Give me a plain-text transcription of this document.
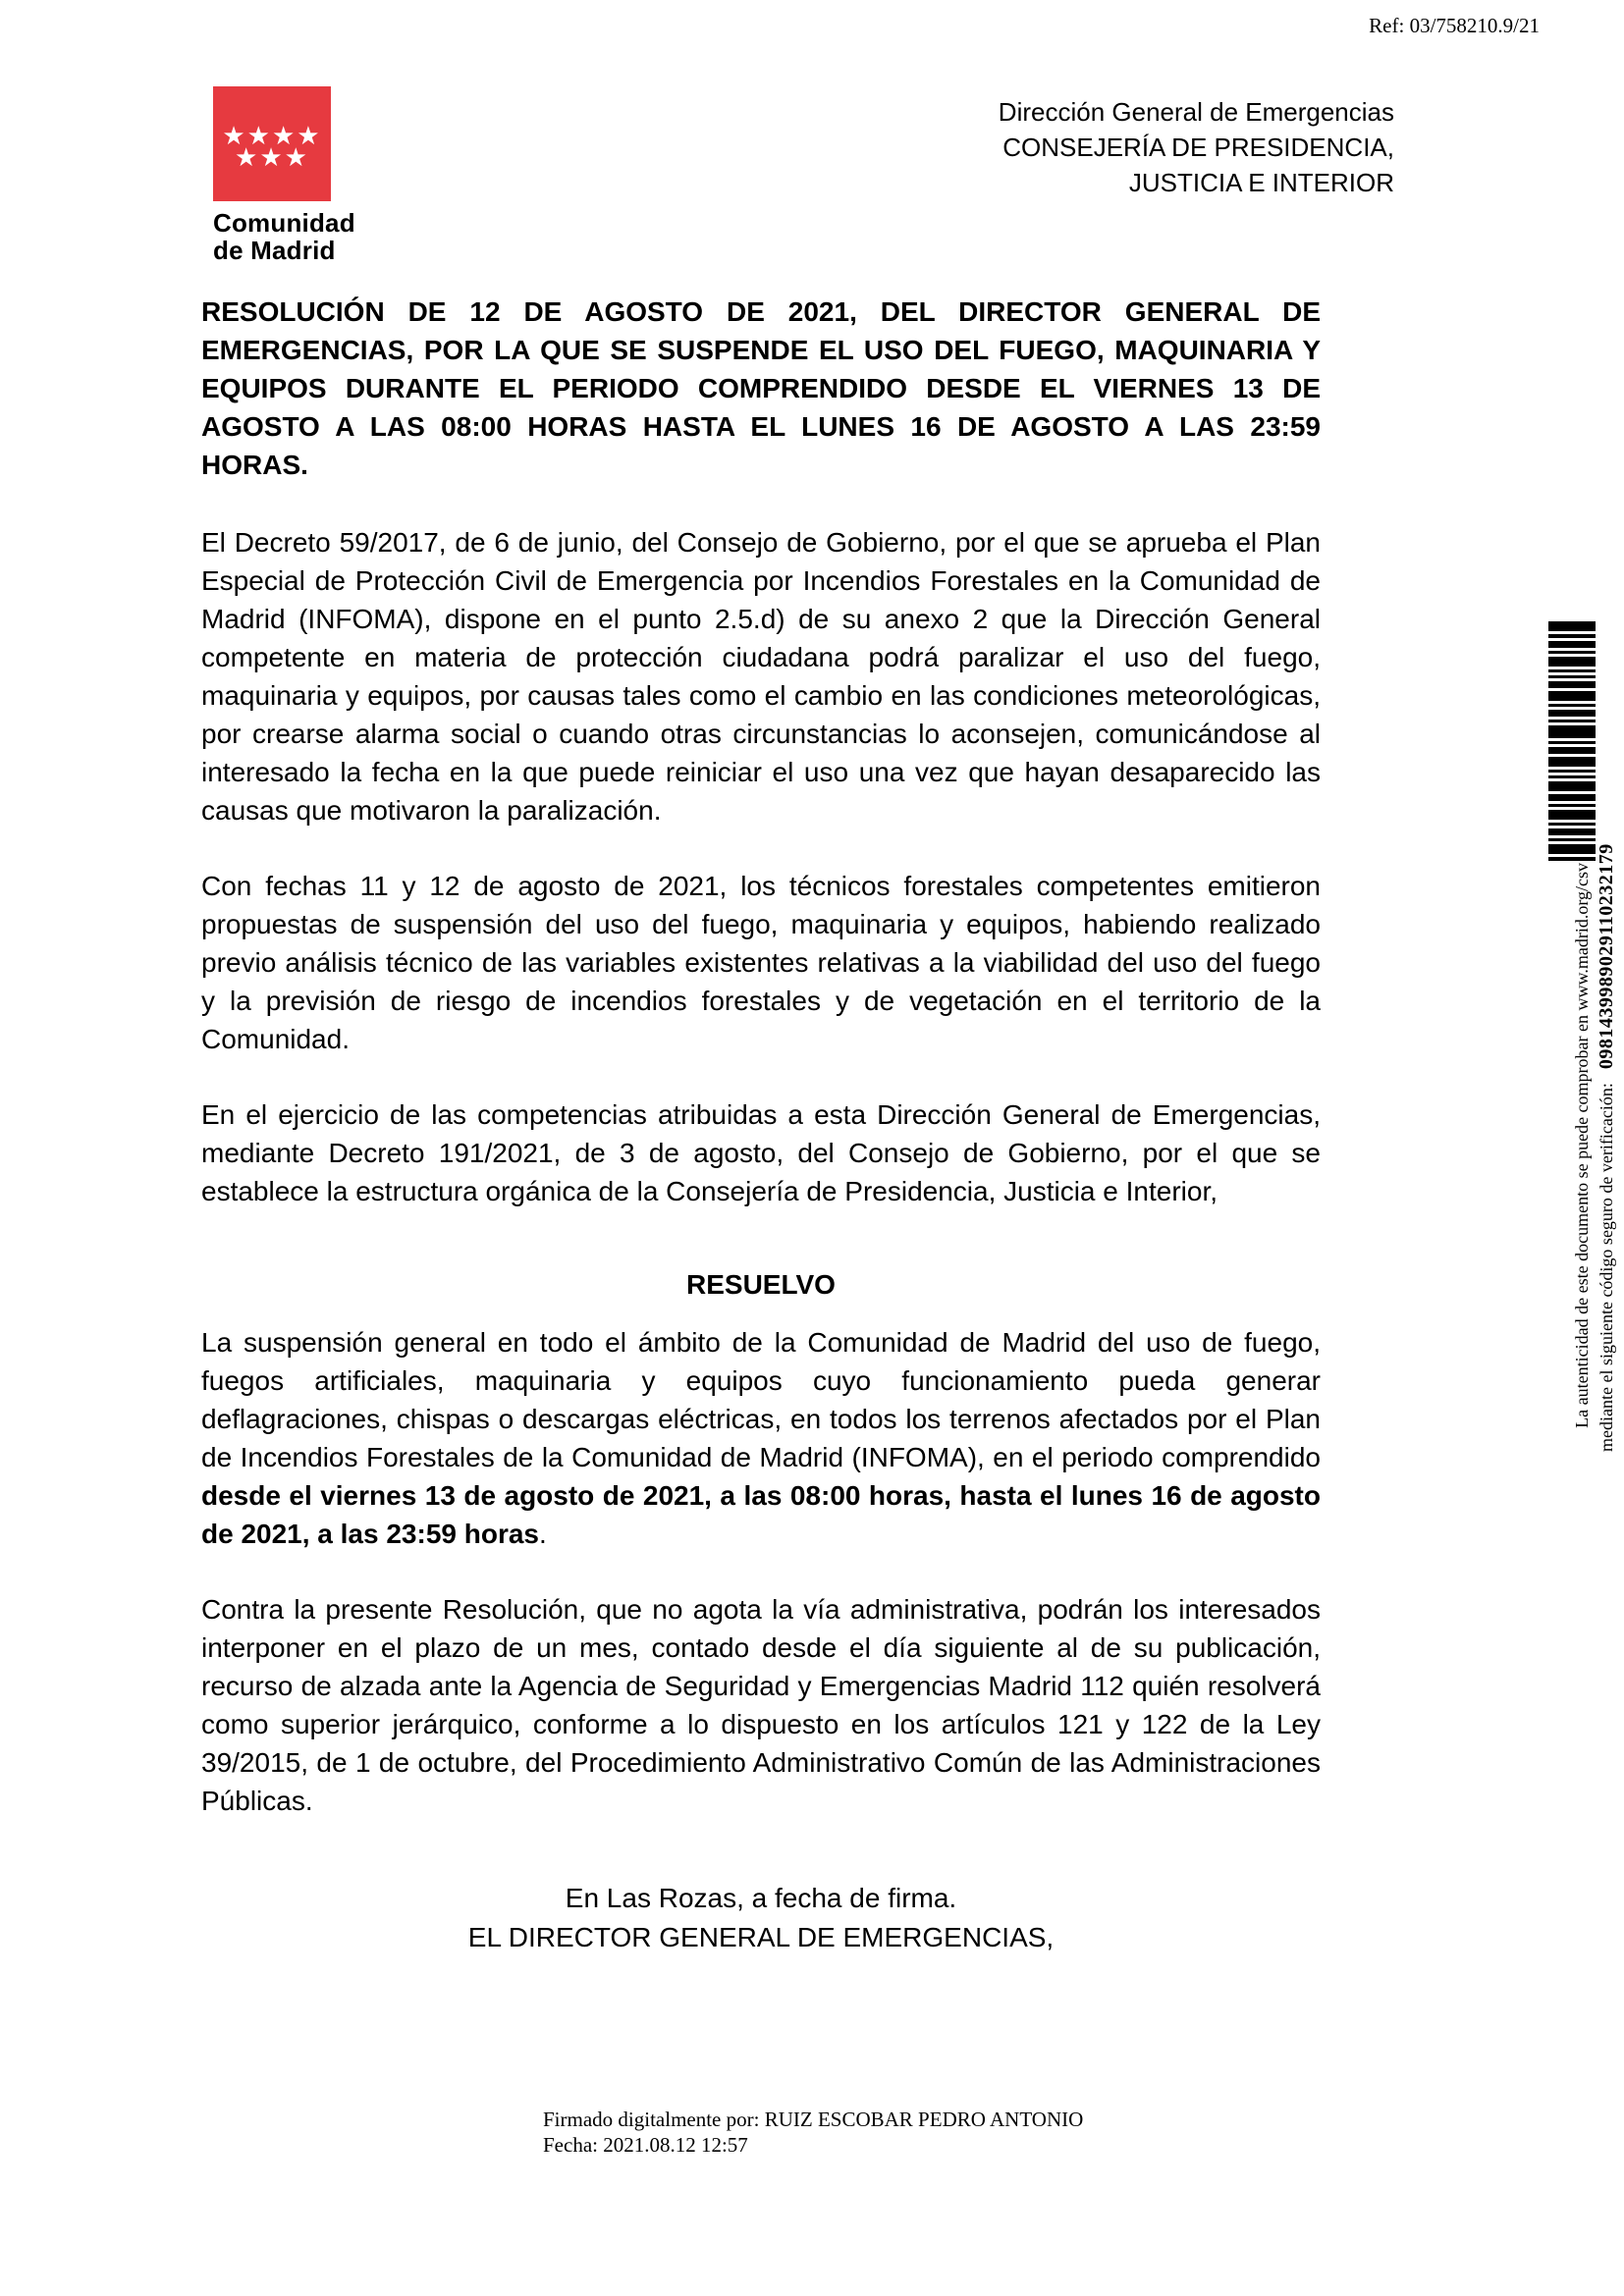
Ref: 03/758210.9/21
★★★★
★★★
Comunidad
de Madrid
Dirección General de Emergencias
CONSEJERÍA DE PRESIDENCIA,
JUSTICIA E INTERIOR
RESOLUCIÓN DE 12 DE AGOSTO DE 2021, DEL DIRECTOR GENERAL DE EMERGENCIAS, POR LA QUE SE SUSPENDE EL USO DEL FUEGO, MAQUINARIA Y EQUIPOS DURANTE EL PERIODO COMPRENDIDO DESDE EL VIERNES 13 DE AGOSTO A LAS 08:00 HORAS HASTA EL LUNES 16 DE AGOSTO A LAS 23:59 HORAS.

El Decreto 59/2017, de 6 de junio, del Consejo de Gobierno, por el que se aprueba el Plan Especial de Protección Civil de Emergencia por Incendios Forestales en la Comunidad de Madrid (INFOMA), dispone en el punto 2.5.d) de su anexo 2 que la Dirección General competente en materia de protección ciudadana podrá paralizar el uso del fuego, maquinaria y equipos, por causas tales como el cambio en las condiciones meteorológicas, por crearse alarma social o cuando otras circunstancias lo aconsejen, comunicándose al interesado la fecha en la que puede reiniciar el uso una vez que hayan desaparecido las causas que motivaron la paralización.

Con fechas 11 y 12 de agosto de 2021, los técnicos forestales competentes emitieron propuestas de suspensión del uso del fuego, maquinaria y equipos, habiendo realizado previo análisis técnico de las variables existentes relativas a la viabilidad del uso del fuego y la previsión de riesgo de incendios forestales y de vegetación en el territorio de la Comunidad.

En el ejercicio de las competencias atribuidas a esta Dirección General de Emergencias, mediante Decreto 191/2021, de 3 de agosto, del Consejo de Gobierno, por el que se establece la estructura orgánica de la Consejería de Presidencia, Justicia e Interior,

RESUELVO

La suspensión general en todo el ámbito de la Comunidad de Madrid del uso de fuego, fuegos artificiales, maquinaria y equipos cuyo funcionamiento pueda generar deflagraciones, chispas o descargas eléctricas, en todos los terrenos afectados por el Plan de Incendios Forestales de la Comunidad de Madrid (INFOMA), en el periodo comprendido desde el viernes 13 de agosto de 2021, a las 08:00 horas, hasta el lunes 16 de agosto de 2021, a las 23:59 horas.

Contra la presente Resolución, que no agota la vía administrativa, podrán los interesados interponer en el plazo de un mes, contado desde el día siguiente al de su publicación, recurso de alzada ante la Agencia de Seguridad y Emergencias Madrid 112 quién resolverá como superior jerárquico, conforme a lo dispuesto en los artículos 121 y 122 de la Ley 39/2015, de 1 de octubre, del Procedimiento Administrativo Común de las Administraciones Públicas.

En Las Rozas, a fecha de firma.
EL DIRECTOR GENERAL DE EMERGENCIAS,
Firmado digitalmente por: RUIZ ESCOBAR PEDRO ANTONIO
Fecha: 2021.08.12 12:57
La autenticidad de este documento se puede comprobar en www.madrid.org/csv mediante el siguiente código seguro de verificación:0981439989029110232179
